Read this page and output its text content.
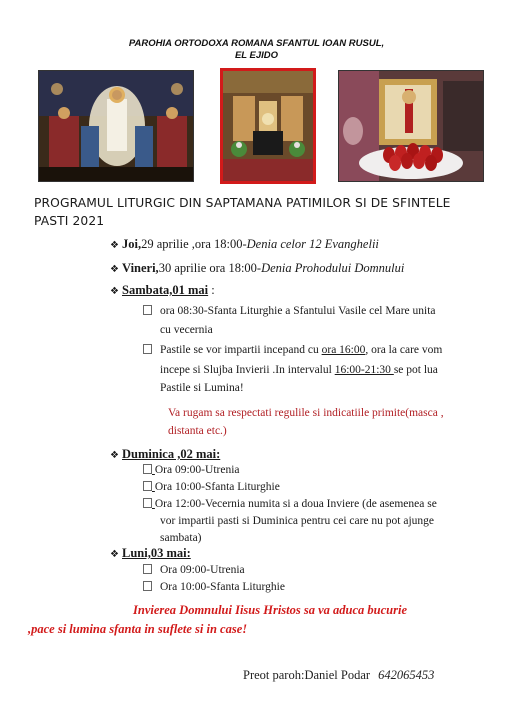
PAROHIA ORTODOXA ROMANA SFANTUL IOAN RUSUL,
EL EJIDO
PROGRAMUL LITURGIC DIN SAPTAMANA PATIMILOR SI DE SFINTELE PASTI 2021
❖ Joi,29 aprilie ,ora 18:00-Denia celor 12 Evanghelii
❖ Vineri,30 aprilie ora 18:00-Denia Prohodului Domnului
❖ Sambata,01 mai :
ora 08:30-Sfanta Liturghie a Sfantului Vasile cel Mare unita
cu vecernia
Pastile se vor impartii incepand cu ora 16:00, ora la care vom
incepe si Slujba Invierii .In intervalul 16:00-21:30 se pot lua
Pastile si Lumina!
Va rugam sa respectati regulile si indicatiile primite(masca ,
distanta etc.)
❖ Duminica ,02 mai:
Ora 09:00-Utrenia
Ora 10:00-Sfanta Liturghie
Ora 12:00-Vecernia numita si a doua Inviere (de asemenea se
vor impartii pasti si Duminica pentru cei care nu pot ajunge
sambata)
❖ Luni,03 mai:
Ora 09:00-Utrenia
Ora 10:00-Sfanta Liturghie
Invierea Domnului Iisus Hristos sa va aduca bucurie
,pace si lumina sfanta in suflete si in case!
Preot paroh:Daniel Podar 642065453
